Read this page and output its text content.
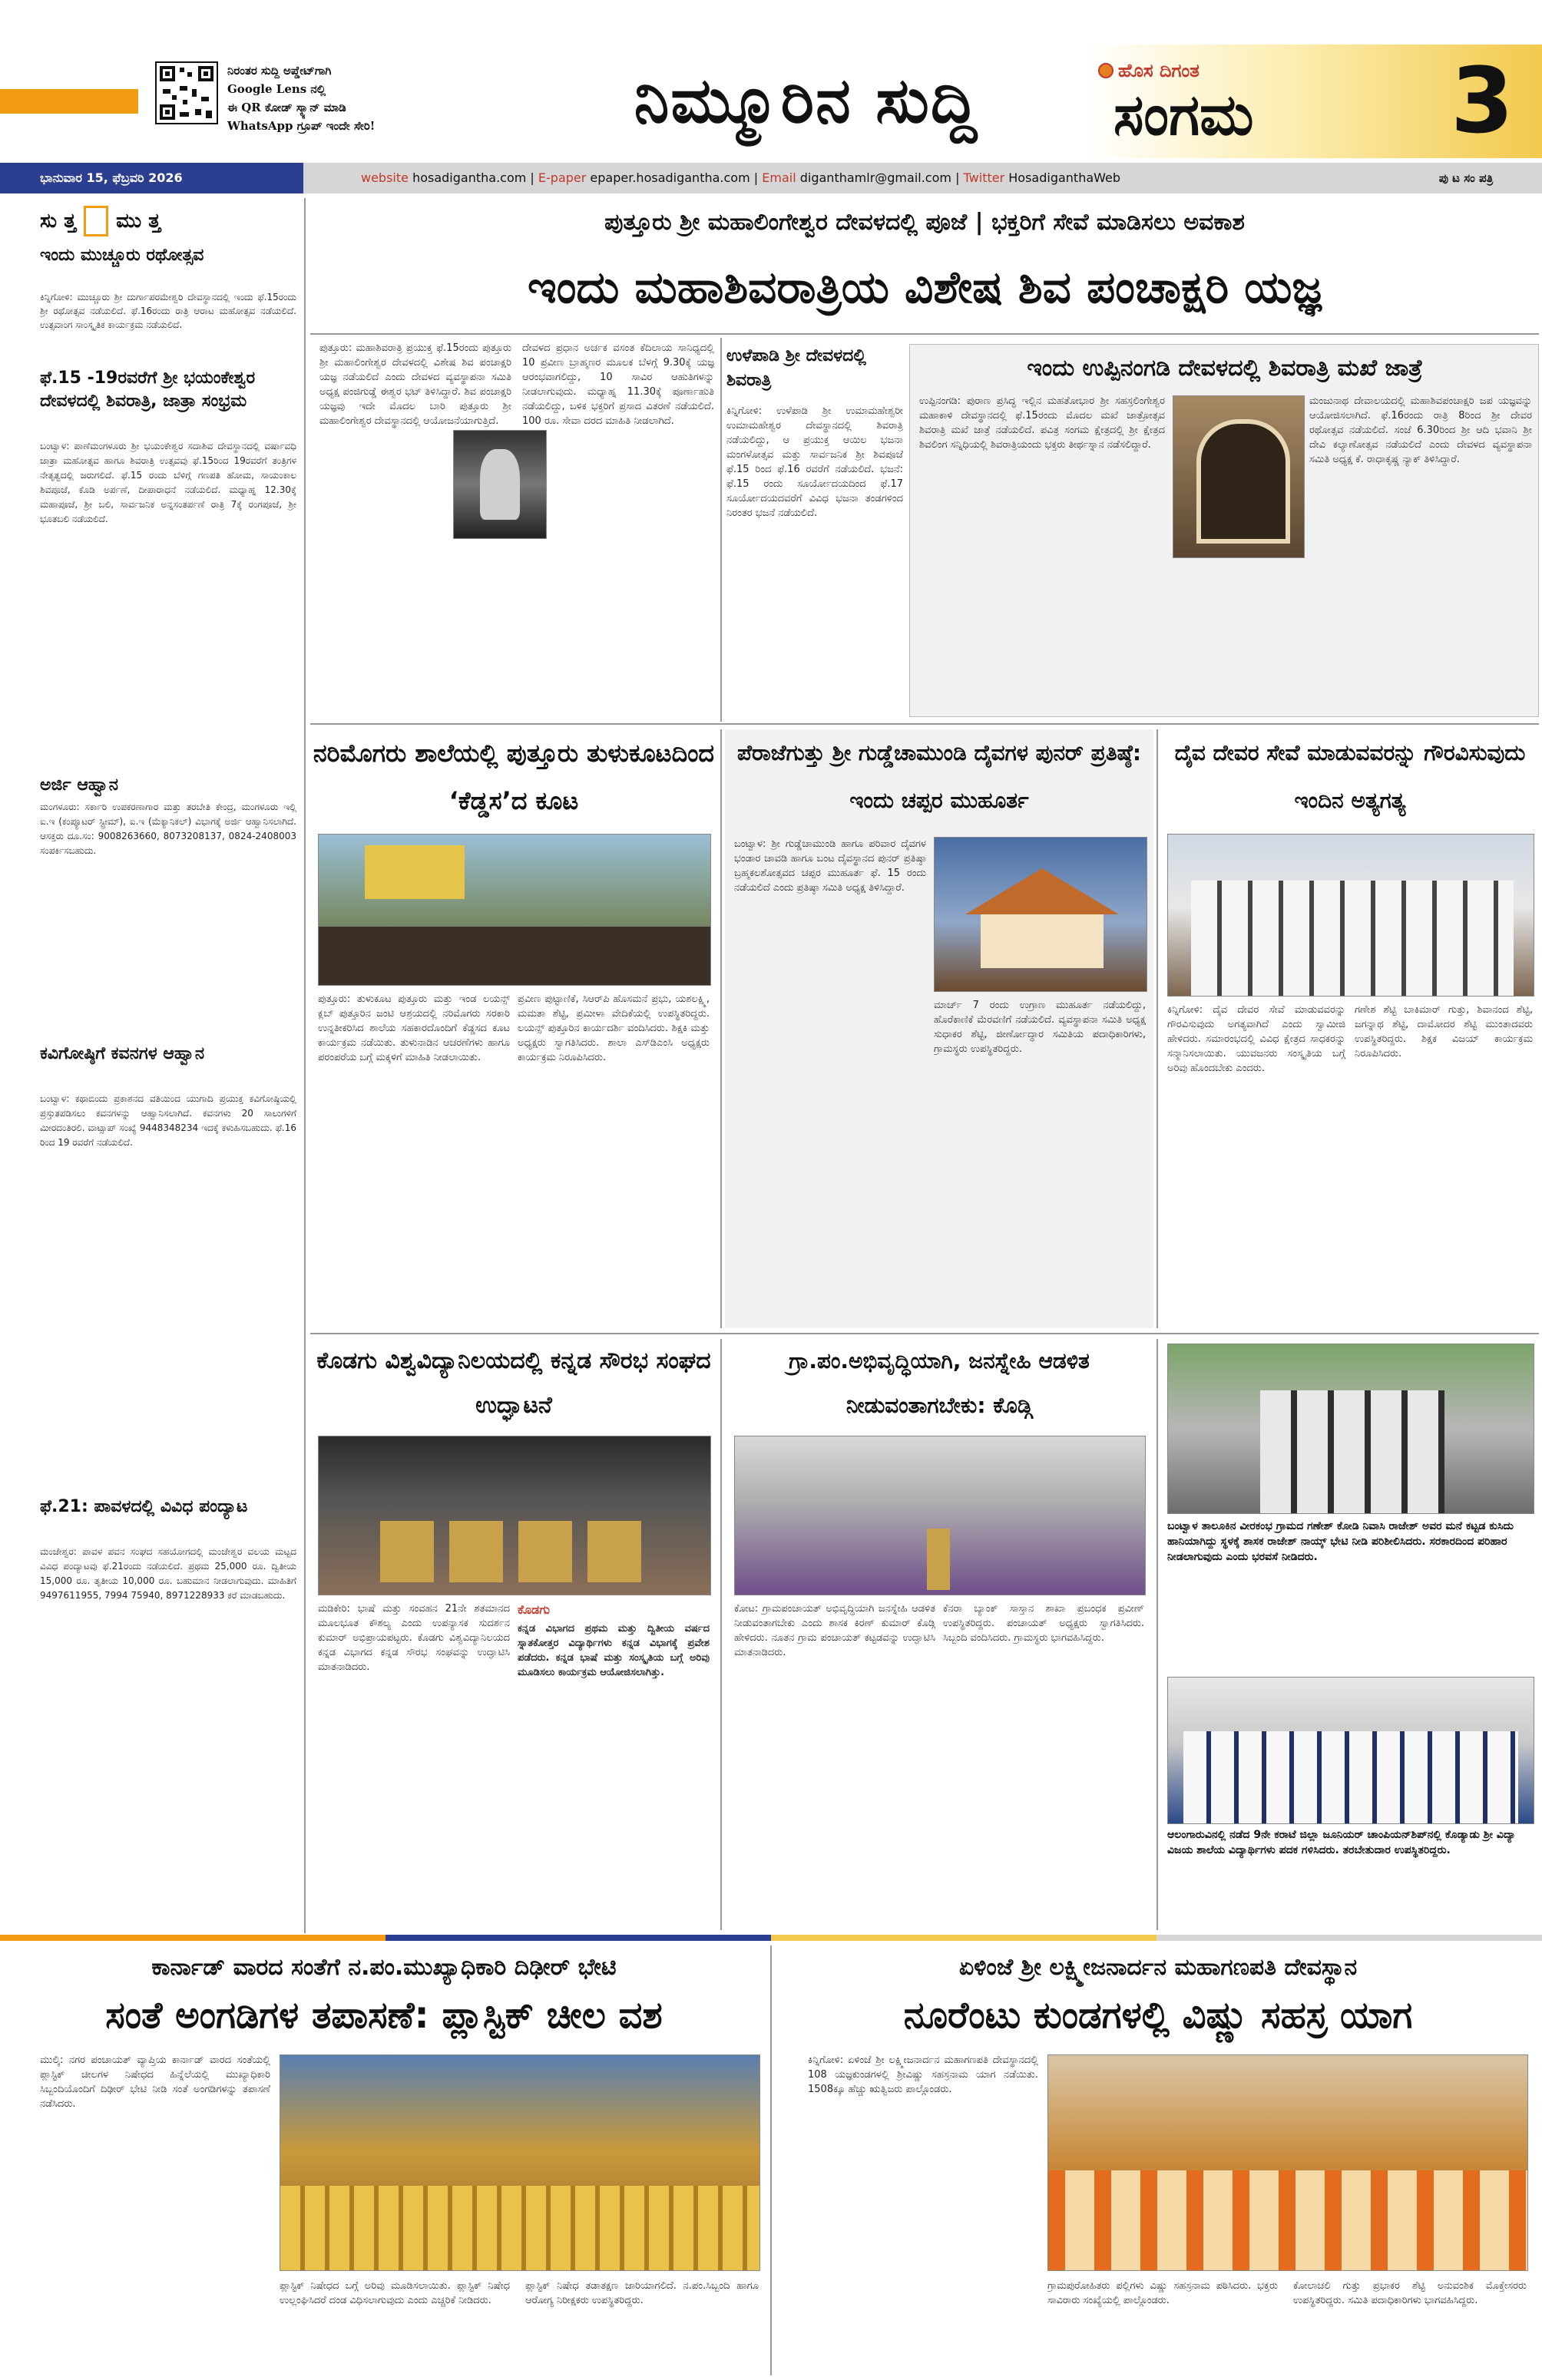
ನಿರಂತರ ಸುದ್ದಿ ಅಪ್ಡೇಟ್‌ಗಾಗಿ
Google Lens ನಲ್ಲಿ
ಈ QR ಕೋಡ್ ಸ್ಕ್ಯಾನ್ ಮಾಡಿ
WhatsApp ಗ್ರೂಪ್ ಇಂದೇ ಸೇರಿ!	ನಿಮ್ಮೂರಿನ ಸುದ್ದಿ	ಹೊಸ ದಿಗಂತ
ಸಂಗಮ	3
ಭಾನುವಾರ 15, ಫೆಬ್ರವರಿ 2026	website hosadigantha.com | E-paper epaper.hosadigantha.com | Email diganthamlr@gmail.com | Twitter HosadiganthaWeb	ಪು ಟ ಸಂ ಪತ್ರಿ
ಸು ತ್ತ ಮು ತ್ತ
ಇಂದು ಮುಚ್ಚೂರು ರಥೋತ್ಸವ
ಕಿನ್ನಿಗೋಳಿ: ಮುಚ್ಚೂರು ಶ್ರೀ ದುರ್ಗಾಪರಮೇಶ್ವರಿ ದೇವಸ್ಥಾನದಲ್ಲಿ ಇಂದು ಫೆ.15ರಂದು ಶ್ರೀ ರಥೋತ್ಸವ ನಡೆಯಲಿದೆ. ಫೆ.16ರಂದು ರಾತ್ರಿ ಆರಾಟ ಮಹೋತ್ಸವ ನಡೆಯಲಿದೆ. ಉತ್ಸವಾಂಗ ಸಾಂಸ್ಕೃತಿಕ ಕಾರ್ಯಕ್ರಮ ನಡೆಯಲಿದೆ.
ಫೆ.15 -19ರವರೆಗೆ ಶ್ರೀ ಭಯಂಕೇಶ್ವರ ದೇವಳದಲ್ಲಿ ಶಿವರಾತ್ರಿ, ಜಾತ್ರಾ ಸಂಭ್ರಮ
ಬಂಟ್ವಾಳ: ಪಾಣೆಮಂಗಳೂರು ಶ್ರೀ ಭಯಂಕೇಶ್ವರ ಸದಾಶಿವ ದೇವಸ್ಥಾನದಲ್ಲಿ ವರ್ಷಾವಧಿ ಜಾತ್ರಾ ಮಹೋತ್ಸವ ಹಾಗೂ ಶಿವರಾತ್ರಿ ಉತ್ಸವವು ಫೆ.15ರಿಂದ 19ರವರೆಗೆ ತಂತ್ರಿಗಳ ನೇತೃತ್ವದಲ್ಲಿ ಜರುಗಲಿದೆ. ಫೆ.15 ರಂದು ಬೆಳಿಗ್ಗೆ ಗಣಪತಿ ಹೋಮ, ಸಾಯಂಕಾಲ ಶಿವಪೂಜೆ, ಕೊಡಿ ಅರ್ಪಣೆ, ದೀಪಾರಾಧನೆ ನಡೆಯಲಿದೆ. ಮಧ್ಯಾಹ್ನ 12.30ಕ್ಕೆ ಮಹಾಪೂಜೆ, ಶ್ರೀ ಬಲಿ, ಸಾರ್ವಜನಿಕ ಅನ್ನಸಂತರ್ಪಣೆ ರಾತ್ರಿ 7ಕ್ಕೆ ರಂಗಪೂಜೆ, ಶ್ರೀ ಭೂತಬಲಿ ನಡೆಯಲಿದೆ.
ಅರ್ಜಿ ಆಹ್ವಾನ
ಮಂಗಳೂರು: ಸರ್ಕಾರಿ ಉಪಕರಣಾಗಾರ ಮತ್ತು ತರಬೇತಿ ಕೇಂದ್ರ, ಮಂಗಳೂರು ಇಲ್ಲಿ ಐ.ಇ (ಕಂಪ್ಯೂಟರ್ ಸ್ಟ್ರೀಮ್), ಐ.ಇ (ಮೆಕ್ಯಾನಿಕಲ್) ವಿಭಾಗಕ್ಕೆ ಅರ್ಜಿ ಆಹ್ವಾನಿಸಲಾಗಿದೆ. ಆಸಕ್ತರು ದೂ.ಸಂ: 9008263660, 8073208137, 0824-2408003 ಸಂಪರ್ಕಿಸಬಹುದು.
ಕವಿಗೋಷ್ಠಿಗೆ ಕವನಗಳ ಆಹ್ವಾನ
ಬಂಟ್ವಾಳ: ಕಥಾಬಿಂದು ಪ್ರಕಾಶನದ ವತಿಯಿಂದ ಯುಗಾದಿ ಪ್ರಯುಕ್ತ ಕವಿಗೋಷ್ಠಿಯಲ್ಲಿ ಪ್ರಸ್ತುತಪಡಿಸಲು ಕವನಗಳನ್ನು ಆಹ್ವಾನಿಸಲಾಗಿದೆ. ಕವನಗಳು 20 ಸಾಲುಗಳಿಗೆ ಮೀರದಂತಿರಲಿ. ವಾಟ್ಸಾಪ್ ಸಂಖ್ಯೆ 9448348234 ಇದಕ್ಕೆ ಕಳುಹಿಸಬಹುದು. ಫೆ.16 ರಿಂದ 19 ರವರೆಗೆ ನಡೆಯಲಿದೆ.
ಫೆ.21: ಪಾವಳದಲ್ಲಿ ವಿವಿಧ ಪಂದ್ಯಾಟ
ಮಂಜೇಶ್ವರ: ಪಾವಳ ಪವನ ಸಂಘದ ಸಹಯೋಗದಲ್ಲಿ ಮಂಜೇಶ್ವರ ವಲಯ ಮಟ್ಟದ ವಿವಿಧ ಪಂದ್ಯಾಟವು ಫೆ.21ರಂದು ನಡೆಯಲಿದೆ. ಪ್ರಥಮ 25,000 ರೂ. ದ್ವಿತೀಯ 15,000 ರೂ. ತೃತೀಯ 10,000 ರೂ. ಬಹುಮಾನ ನೀಡಲಾಗುವುದು. ಮಾಹಿತಿಗೆ 9497611955, 7994 75940, 8971228933 ಕರೆ ಮಾಡಬಹುದು.
ಪುತ್ತೂರು ಶ್ರೀ ಮಹಾಲಿಂಗೇಶ್ವರ ದೇವಳದಲ್ಲಿ ಪೂಜೆ | ಭಕ್ತರಿಗೆ ಸೇವೆ ಮಾಡಿಸಲು ಅವಕಾಶ
ಇಂದು ಮಹಾಶಿವರಾತ್ರಿಯ ವಿಶೇಷ ಶಿವ ಪಂಚಾಕ್ಷರಿ ಯಜ್ಞ
ಪುತ್ತೂರು: ಮಹಾಶಿವರಾತ್ರಿ ಪ್ರಯುಕ್ತ ಫೆ.15ರಂದು ಪುತ್ತೂರು ಶ್ರೀ ಮಹಾಲಿಂಗೇಶ್ವರ ದೇವಳದಲ್ಲಿ ವಿಶೇಷ ಶಿವ ಪಂಚಾಕ್ಷರಿ ಯಜ್ಞ ನಡೆಯಲಿದೆ ಎಂದು ದೇವಳದ ವ್ಯವಸ್ಥಾಪನಾ ಸಮಿತಿ ಅಧ್ಯಕ್ಷ ಪಂಜಿಗುಡ್ಡೆ ಈಶ್ವರ ಭಟ್ ತಿಳಿಸಿದ್ದಾರೆ. ಶಿವ ಪಂಚಾಕ್ಷರಿ ಯಜ್ಞವು ಇದೇ ಮೊದಲ ಬಾರಿ ಪುತ್ತೂರು ಶ್ರೀ ಮಹಾಲಿಂಗೇಶ್ವರ ದೇವಸ್ಥಾನದಲ್ಲಿ ಆಯೋಜನೆಯಾಗುತ್ತಿದೆ.
ದೇವಳದ ಪ್ರಧಾನ ಅರ್ಚಕ ವಸಂತ ಕೆದಿಲಾಯ ಸಾನಿಧ್ಯದಲ್ಲಿ 10 ಪ್ರವೀಣ ಬ್ರಾಹ್ಮಣರ ಮೂಲಕ ಬೆಳಗ್ಗೆ 9.30ಕ್ಕೆ ಯಜ್ಞ ಆರಂಭವಾಗಲಿದ್ದು, 10 ಸಾವಿರ ಆಹುತಿಗಳನ್ನು ನೀಡಲಾಗುವುದು. ಮಧ್ಯಾಹ್ನ 11.30ಕ್ಕೆ ಪೂರ್ಣಾಹುತಿ ನಡೆಯಲಿದ್ದು, ಬಳಿಕ ಭಕ್ತರಿಗೆ ಪ್ರಸಾದ ವಿತರಣೆ ನಡೆಯಲಿದೆ. 100 ರೂ. ಸೇವಾ ದರದ ಮಾಹಿತಿ ನೀಡಲಾಗಿದೆ.
ಉಳೆಪಾಡಿ ಶ್ರೀ ದೇವಳದಲ್ಲಿ ಶಿವರಾತ್ರಿ
ಕಿನ್ನಿಗೋಳಿ: ಉಳೆಪಾಡಿ ಶ್ರೀ ಉಮಾಮಹೇಶ್ವರೀ ಉಮಾಮಹೇಶ್ವರ ದೇವಸ್ಥಾನದಲ್ಲಿ ಶಿವರಾತ್ರಿ ನಡೆಯಲಿದ್ದು, ಆ ಪ್ರಯುಕ್ತ ಆಯಿಲ ಭಜನಾ ಮಂಗಳೋತ್ಸವ ಮತ್ತು ಸಾರ್ವಜನಿಕ ಶ್ರೀ ಶಿವಪೂಜೆ ಫೆ.15 ರಿಂದ ಫೆ.16 ರವರೆಗೆ ನಡೆಯಲಿದೆ. ಭಜನೆ: ಫೆ.15 ರಂದು ಸೂರ್ಯೋದಯದಿಂದ ಫೆ.17 ಸೂರ್ಯೋದಯದವರೆಗೆ ವಿವಿಧ ಭಜನಾ ತಂಡಗಳಿಂದ ನಿರಂತರ ಭಜನೆ ನಡೆಯಲಿದೆ.
ಇಂದು ಉಪ್ಪಿನಂಗಡಿ ದೇವಳದಲ್ಲಿ ಶಿವರಾತ್ರಿ ಮಖೆ ಜಾತ್ರೆ
ಉಪ್ಪಿನಂಗಡಿ: ಪುರಾಣ ಪ್ರಸಿದ್ಧ ಇಲ್ಲಿನ ಮಹತೋಭಾರ ಶ್ರೀ ಸಹಸ್ರಲಿಂಗೇಶ್ವರ ಮಹಾಕಾಳಿ ದೇವಸ್ಥಾನದಲ್ಲಿ ಫೆ.15ರಂದು ಮೊದಲ ಮಖೆ ಜಾತ್ರೋತ್ಸವ ಶಿವರಾತ್ರಿ ಮಖೆ ಜಾತ್ರೆ ನಡೆಯಲಿದೆ. ಪವಿತ್ರ ಸಂಗಮ ಕ್ಷೇತ್ರದಲ್ಲಿ ಶ್ರೀ ಕ್ಷೇತ್ರದ ಶಿವಲಿಂಗ ಸನ್ನಿಧಿಯಲ್ಲಿ ಶಿವರಾತ್ರಿಯಂದು ಭಕ್ತರು ತೀರ್ಥಸ್ನಾನ ನಡೆಸಲಿದ್ದಾರೆ.
ಮಂಜುನಾಥ ದೇವಾಲಯದಲ್ಲಿ ಮಹಾಶಿವಪಂಚಾಕ್ಷರಿ ಜಪ ಯಜ್ಞವನ್ನು ಆಯೋಜಿಸಲಾಗಿದೆ. ಫೆ.16ರಂದು ರಾತ್ರಿ 8ರಿಂದ ಶ್ರೀ ದೇವರ ರಥೋತ್ಸವ ನಡೆಯಲಿದೆ. ಸಂಜೆ 6.30ರಿಂದ ಶ್ರೀ ಆದಿ ಭವಾನಿ ಶ್ರೀ ದೇವಿ ಕಲ್ಯಾಣೋತ್ಸವ ನಡೆಯಲಿದೆ ಎಂದು ದೇವಳದ ವ್ಯವಸ್ಥಾಪನಾ ಸಮಿತಿ ಅಧ್ಯಕ್ಷ ಕೆ. ರಾಧಾಕೃಷ್ಣ ನ್ಯಾಕ್ ತಿಳಿಸಿದ್ದಾರೆ.
ನರಿಮೊಗರು ಶಾಲೆಯಲ್ಲಿ ಪುತ್ತೂರು ತುಳುಕೂಟದಿಂದ ‘ಕೆಡ್ಡಸ’ದ ಕೂಟ
ಪುತ್ತೂರು: ತುಳುಕೂಟ ಪುತ್ತೂರು ಮತ್ತು ಇಂಡ ಲಯನ್ಸ್ ಕ್ಲಬ್ ಪುತ್ತೂರಿನ ಜಂಟಿ ಆಶ್ರಯದಲ್ಲಿ ನರಿಮೊಗರು ಸರಕಾರಿ ಉನ್ನತೀಕರಿಸಿದ ಶಾಲೆಯ ಸಹಕಾರದೊಂದಿಗೆ ಕೆಡ್ಡಸದ ಕೂಟ ಕಾರ್ಯಕ್ರಮ ನಡೆಯಿತು. ತುಳುನಾಡಿನ ಆಚರಣೆಗಳು ಹಾಗೂ ಪರಂಪರೆಯ ಬಗ್ಗೆ ಮಕ್ಕಳಿಗೆ ಮಾಹಿತಿ ನೀಡಲಾಯಿತು.
ಪ್ರವೀಣ ಪುಟ್ಟಾಣಿಕೆ, ಸಿಆರ್‌ಪಿ ಹೊಸಮನೆ ಪ್ರಭು, ಯಶಲಕ್ಷ್ಮಿ, ಮಮತಾ ಶೆಟ್ಟಿ, ಪ್ರಮೀಳಾ ವೇದಿಕೆಯಲ್ಲಿ ಉಪಸ್ಥಿತರಿದ್ದರು. ಲಯನ್ಸ್ ಪುತ್ತೂರಿನ ಕಾರ್ಯದರ್ಶಿ ವಂದಿಸಿದರು. ಶಿಕ್ಷಕಿ ಮತ್ತು ಅಧ್ಯಕ್ಷರು ಸ್ವಾಗತಿಸಿದರು. ಶಾಲಾ ಎಸ್‌ಡಿಎಂಸಿ ಅಧ್ಯಕ್ಷರು ಕಾರ್ಯಕ್ರಮ ನಿರೂಪಿಸಿದರು.
ಪೆರಾಜೆಗುತ್ತು ಶ್ರೀ ಗುಡ್ಡೆಚಾಮುಂಡಿ ದೈವಗಳ ಪುನರ್ ಪ್ರತಿಷ್ಠೆ: ಇಂದು ಚಪ್ಪರ ಮುಹೂರ್ತ
ಬಂಟ್ವಾಳ: ಶ್ರೀ ಗುಡ್ಡೆಚಾಮುಂಡಿ ಹಾಗೂ ಪರಿವಾರ ದೈವಗಳ ಭಂಡಾರ ಚಾವಡಿ ಹಾಗೂ ಬಂಟ ದೈವಸ್ಥಾನದ ಪುನರ್ ಪ್ರತಿಷ್ಠಾ ಬ್ರಹ್ಮಕಲಶೋತ್ಸವದ ಚಪ್ಪರ ಮುಹೂರ್ತ ಫೆ. 15 ರಂದು ನಡೆಯಲಿದೆ ಎಂದು ಪ್ರತಿಷ್ಠಾ ಸಮಿತಿ ಅಧ್ಯಕ್ಷ ತಿಳಿಸಿದ್ದಾರೆ.
ಮಾರ್ಚ್ 7 ರಂದು ಉಗ್ರಾಣ ಮುಹೂರ್ತ ನಡೆಯಲಿದ್ದು, ಹೊರೆಕಾಣಿಕೆ ಮೆರವಣಿಗೆ ನಡೆಯಲಿದೆ. ವ್ಯವಸ್ಥಾಪನಾ ಸಮಿತಿ ಅಧ್ಯಕ್ಷ ಸುಧಾಕರ ಶೆಟ್ಟಿ, ಜೀರ್ಣೋದ್ಧಾರ ಸಮಿತಿಯ ಪದಾಧಿಕಾರಿಗಳು, ಗ್ರಾಮಸ್ಥರು ಉಪಸ್ಥಿತರಿದ್ದರು.
ದೈವ ದೇವರ ಸೇವೆ ಮಾಡುವವರನ್ನು ಗೌರವಿಸುವುದು ಇಂದಿನ ಅತ್ಯಗತ್ಯ
ಕಿನ್ನಿಗೋಳಿ: ದೈವ ದೇವರ ಸೇವೆ ಮಾಡುವವರನ್ನು ಗೌರವಿಸುವುದು ಅಗತ್ಯವಾಗಿದೆ ಎಂದು ಸ್ವಾಮೀಜಿ ಹೇಳಿದರು. ಸಮಾರಂಭದಲ್ಲಿ ವಿವಿಧ ಕ್ಷೇತ್ರದ ಸಾಧಕರನ್ನು ಸನ್ಮಾನಿಸಲಾಯಿತು. ಯುವಜನರು ಸಂಸ್ಕೃತಿಯ ಬಗ್ಗೆ ಅರಿವು ಹೊಂದಬೇಕು ಎಂದರು.
ಗಣೇಶ ಶೆಟ್ಟಿ ಬಾಕಿಮಾರ್ ಗುತ್ತು, ಶಿವಾನಂದ ಶೆಟ್ಟಿ, ಜಗನ್ನಾಥ ಶೆಟ್ಟಿ, ದಾಮೋದರ ಶೆಟ್ಟಿ ಮುಂತಾದವರು ಉಪಸ್ಥಿತರಿದ್ದರು. ಶಿಕ್ಷಕ ವಿಜಯ್ ಕಾರ್ಯಕ್ರಮ ನಿರೂಪಿಸಿದರು.
ಕೊಡಗು ವಿಶ್ವವಿದ್ಯಾನಿಲಯದಲ್ಲಿ ಕನ್ನಡ ಸೌರಭ ಸಂಘದ ಉದ್ಘಾಟನೆ
ಮಡಿಕೇರಿ: ಭಾಷೆ ಮತ್ತು ಸಂವಹನ 21ನೇ ಶತಮಾನದ ಮೂಲಭೂತ ಕೌಶಲ್ಯ ಎಂದು ಉಪನ್ಯಾಸಕ ಸುದರ್ಶನ ಕುಮಾರ್ ಅಭಿಪ್ರಾಯಪಟ್ಟರು. ಕೊಡಗು ವಿಶ್ವವಿದ್ಯಾನಿಲಯದ ಕನ್ನಡ ವಿಭಾಗದ ಕನ್ನಡ ಸೌರಭ ಸಂಘವನ್ನು ಉದ್ಘಾಟಿಸಿ ಮಾತನಾಡಿದರು.
ಕೊಡಗು
ಕನ್ನಡ ವಿಭಾಗದ ಪ್ರಥಮ ಮತ್ತು ದ್ವಿತೀಯ ವರ್ಷದ ಸ್ನಾತಕೋತ್ತರ ವಿದ್ಯಾರ್ಥಿಗಳು ಕನ್ನಡ ವಿಭಾಗಕ್ಕೆ ಪ್ರವೇಶ ಪಡೆದರು. ಕನ್ನಡ ಭಾಷೆ ಮತ್ತು ಸಂಸ್ಕೃತಿಯ ಬಗ್ಗೆ ಅರಿವು ಮೂಡಿಸಲು ಕಾರ್ಯಕ್ರಮ ಆಯೋಜಿಸಲಾಗಿತ್ತು.
ಗ್ರಾ.ಪಂ.ಅಭಿವೃದ್ಧಿಯಾಗಿ, ಜನಸ್ನೇಹಿ ಆಡಳಿತ ನೀಡುವಂತಾಗಬೇಕು: ಕೊಡ್ಗಿ
ಕೋಟ: ಗ್ರಾಮಪಂಚಾಯತ್ ಅಭಿವೃದ್ಧಿಯಾಗಿ ಜನಸ್ನೇಹಿ ಆಡಳಿತ ನೀಡುವಂತಾಗಬೇಕು ಎಂದು ಶಾಸಕ ಕಿರಣ್ ಕುಮಾರ್ ಕೊಡ್ಗಿ ಹೇಳಿದರು. ನೂತನ ಗ್ರಾಮ ಪಂಚಾಯತ್ ಕಟ್ಟಡವನ್ನು ಉದ್ಘಾಟಿಸಿ ಮಾತನಾಡಿದರು.
ಕೆನರಾ ಬ್ಯಾಂಕ್ ಸಾಸ್ತಾನ ಶಾಖಾ ಪ್ರಬಂಧಕ ಪ್ರವೀಣ್ ಉಪಸ್ಥಿತರಿದ್ದರು. ಪಂಚಾಯತ್ ಅಧ್ಯಕ್ಷರು ಸ್ವಾಗತಿಸಿದರು. ಸಿಬ್ಬಂದಿ ವಂದಿಸಿದರು. ಗ್ರಾಮಸ್ಥರು ಭಾಗವಹಿಸಿದ್ದರು.
ಬಂಟ್ವಾಳ ತಾಲೂಕಿನ ವೀರಕಂಭ ಗ್ರಾಮದ ಗಣೇಶ್ ಕೋಡಿ ನಿವಾಸಿ ರಾಜೇಶ್ ಅವರ ಮನೆ ಕಟ್ಟಡ ಕುಸಿದು ಹಾನಿಯಾಗಿದ್ದು ಸ್ಥಳಕ್ಕೆ ಶಾಸಕ ರಾಜೇಶ್ ನಾಯ್ಕ್ ಭೇಟಿ ನೀಡಿ ಪರಿಶೀಲಿಸಿದರು. ಸರಕಾರದಿಂದ ಪರಿಹಾರ ನೀಡಲಾಗುವುದು ಎಂದು ಭರವಸೆ ನೀಡಿದರು.
ಆಲಂಗಾರುವಿನಲ್ಲಿ ನಡೆದ 9ನೇ ಕರಾಟೆ ಜಿಲ್ಲಾ ಜೂನಿಯರ್ ಚಾಂಪಿಯನ್‌ಶಿಪ್‌ನಲ್ಲಿ ಕೊಡ್ಯಾಡು ಶ್ರೀ ವಿದ್ಯಾ ವಿಜಯ ಶಾಲೆಯ ವಿದ್ಯಾರ್ಥಿಗಳು ಪದಕ ಗಳಿಸಿದರು. ತರಬೇತುದಾರ ಉಪಸ್ಥಿತರಿದ್ದರು.
ಕಾರ್ನಾಡ್ ವಾರದ ಸಂತೆಗೆ ನ.ಪಂ.ಮುಖ್ಯಾಧಿಕಾರಿ ದಿಢೀರ್ ಭೇಟಿ
ಸಂತೆ ಅಂಗಡಿಗಳ ತಪಾಸಣೆ: ಪ್ಲಾಸ್ಟಿಕ್ ಚೀಲ ವಶ
ಮುಲ್ಕಿ: ನಗರ ಪಂಚಾಯತ್ ವ್ಯಾಪ್ತಿಯ ಕಾರ್ನಾಡ್ ವಾರದ ಸಂತೆಯಲ್ಲಿ ಪ್ಲಾಸ್ಟಿಕ್ ಚೀಲಗಳ ನಿಷೇಧದ ಹಿನ್ನೆಲೆಯಲ್ಲಿ ಮುಖ್ಯಾಧಿಕಾರಿ ಸಿಬ್ಬಂದಿಯೊಂದಿಗೆ ದಿಢೀರ್ ಭೇಟಿ ನೀಡಿ ಸಂತೆ ಅಂಗಡಿಗಳನ್ನು ತಪಾಸಣೆ ನಡೆಸಿದರು.
ಪ್ಲಾಸ್ಟಿಕ್ ನಿಷೇಧದ ಬಗ್ಗೆ ಅರಿವು ಮೂಡಿಸಲಾಯಿತು. ಪ್ಲಾಸ್ಟಿಕ್ ನಿಷೇಧ ಉಲ್ಲಂಘಿಸಿದರೆ ದಂಡ ವಿಧಿಸಲಾಗುವುದು ಎಂದು ಎಚ್ಚರಿಕೆ ನೀಡಿದರು.
ಪ್ಲಾಸ್ಟಿಕ್ ನಿಷೇಧ ತಡಾತಕ್ಷಣ ಜಾರಿಯಾಗಲಿದೆ. ನ.ಪಂ.ಸಿಬ್ಬಂದಿ ಹಾಗೂ ಆರೋಗ್ಯ ನಿರೀಕ್ಷಕರು ಉಪಸ್ಥಿತರಿದ್ದರು.
ಏಳಿಂಜೆ ಶ್ರೀ ಲಕ್ಷ್ಮೀಜನಾರ್ದನ ಮಹಾಗಣಪತಿ ದೇವಸ್ಥಾನ
ನೂರೆಂಟು ಕುಂಡಗಳಲ್ಲಿ ವಿಷ್ಣು ಸಹಸ್ರ ಯಾಗ
ಕಿನ್ನಿಗೋಳಿ: ಏಳಿಂಜೆ ಶ್ರೀ ಲಕ್ಷ್ಮೀಜನಾರ್ದನ ಮಹಾಗಣಪತಿ ದೇವಸ್ಥಾನದಲ್ಲಿ 108 ಯಜ್ಞಕುಂಡಗಳಲ್ಲಿ ಶ್ರೀವಿಷ್ಣು ಸಹಸ್ರನಾಮ ಯಾಗ ನಡೆಯಿತು. 1508ಕ್ಕೂ ಹೆಚ್ಚು ಋತ್ವಿಜರು ಪಾಲ್ಗೊಂಡರು.
ಗ್ರಾಮಪುರೋಹಿತರು ಪಲ್ಲಿಗಳು ವಿಷ್ಣು ಸಹಸ್ರನಾಮ ಪಠಿಸಿದರು. ಭಕ್ತರು ಸಾವಿರಾರು ಸಂಖ್ಯೆಯಲ್ಲಿ ಪಾಲ್ಗೊಂಡರು.
ಕೋಲಾಚಲಿ ಗುತ್ತು ಪ್ರಭಾಕರ ಶೆಟ್ಟಿ ಅನುವಂಶಿಕ ಮೊಕ್ತೇಸರರು ಉಪಸ್ಥಿತರಿದ್ದರು. ಸಮಿತಿ ಪದಾಧಿಕಾರಿಗಳು ಭಾಗವಹಿಸಿದ್ದರು.
